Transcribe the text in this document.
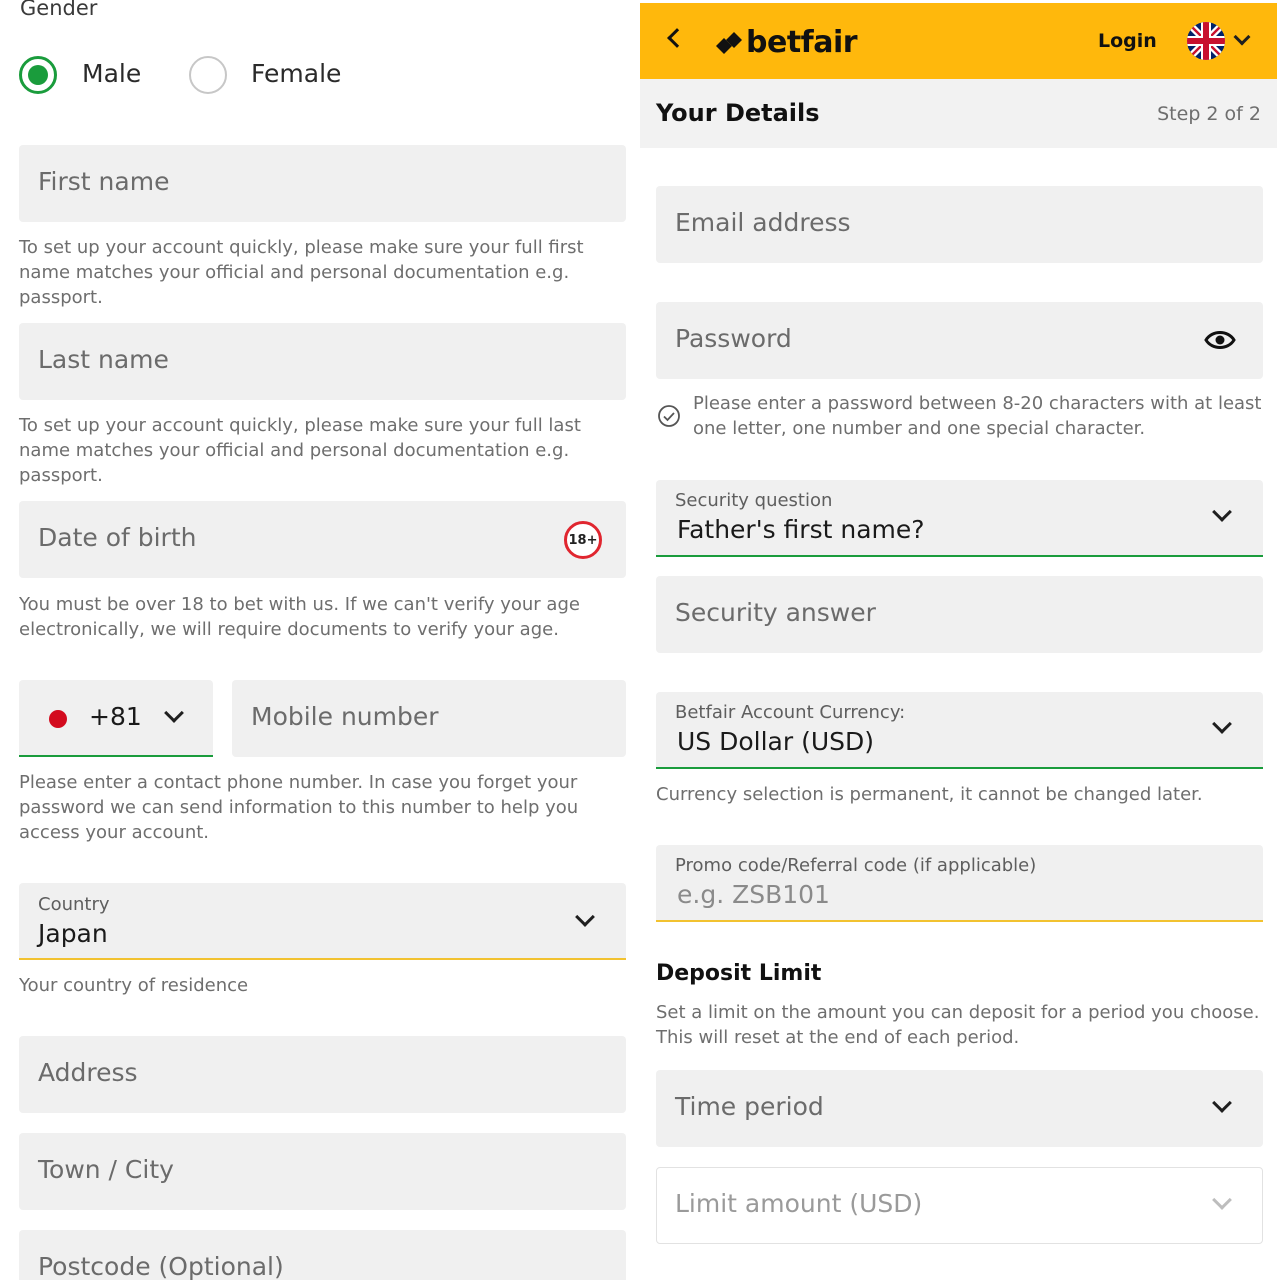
Gender
Male	Female
First name
To set up your account quickly, please make sure your full first name matches your official and personal documentation e.g. passport.
Last name
To set up your account quickly, please make sure your full last name matches your official and personal documentation e.g. passport.
Date of birth	18+
You must be over 18 to bet with us. If we can't verify your age electronically, we will require documents to verify your age.
+81	Mobile number
Please enter a contact phone number. In case you forget your password we can send information to this number to help you access your account.
Country
Japan
Your country of residence
Address
Town / City
Postcode (Optional)
betfair	Login
Your Details	Step 2 of 2
Email address
Password
Please enter a password between 8-20 characters with at least one letter, one number and one special character.
Security question
Father's first name?
Security answer
Betfair Account Currency:
US Dollar (USD)
Currency selection is permanent, it cannot be changed later.
Promo code/Referral code (if applicable)
e.g. ZSB101
Deposit Limit
Set a limit on the amount you can deposit for a period you choose. This will reset at the end of each period.
Time period
Limit amount (USD)
